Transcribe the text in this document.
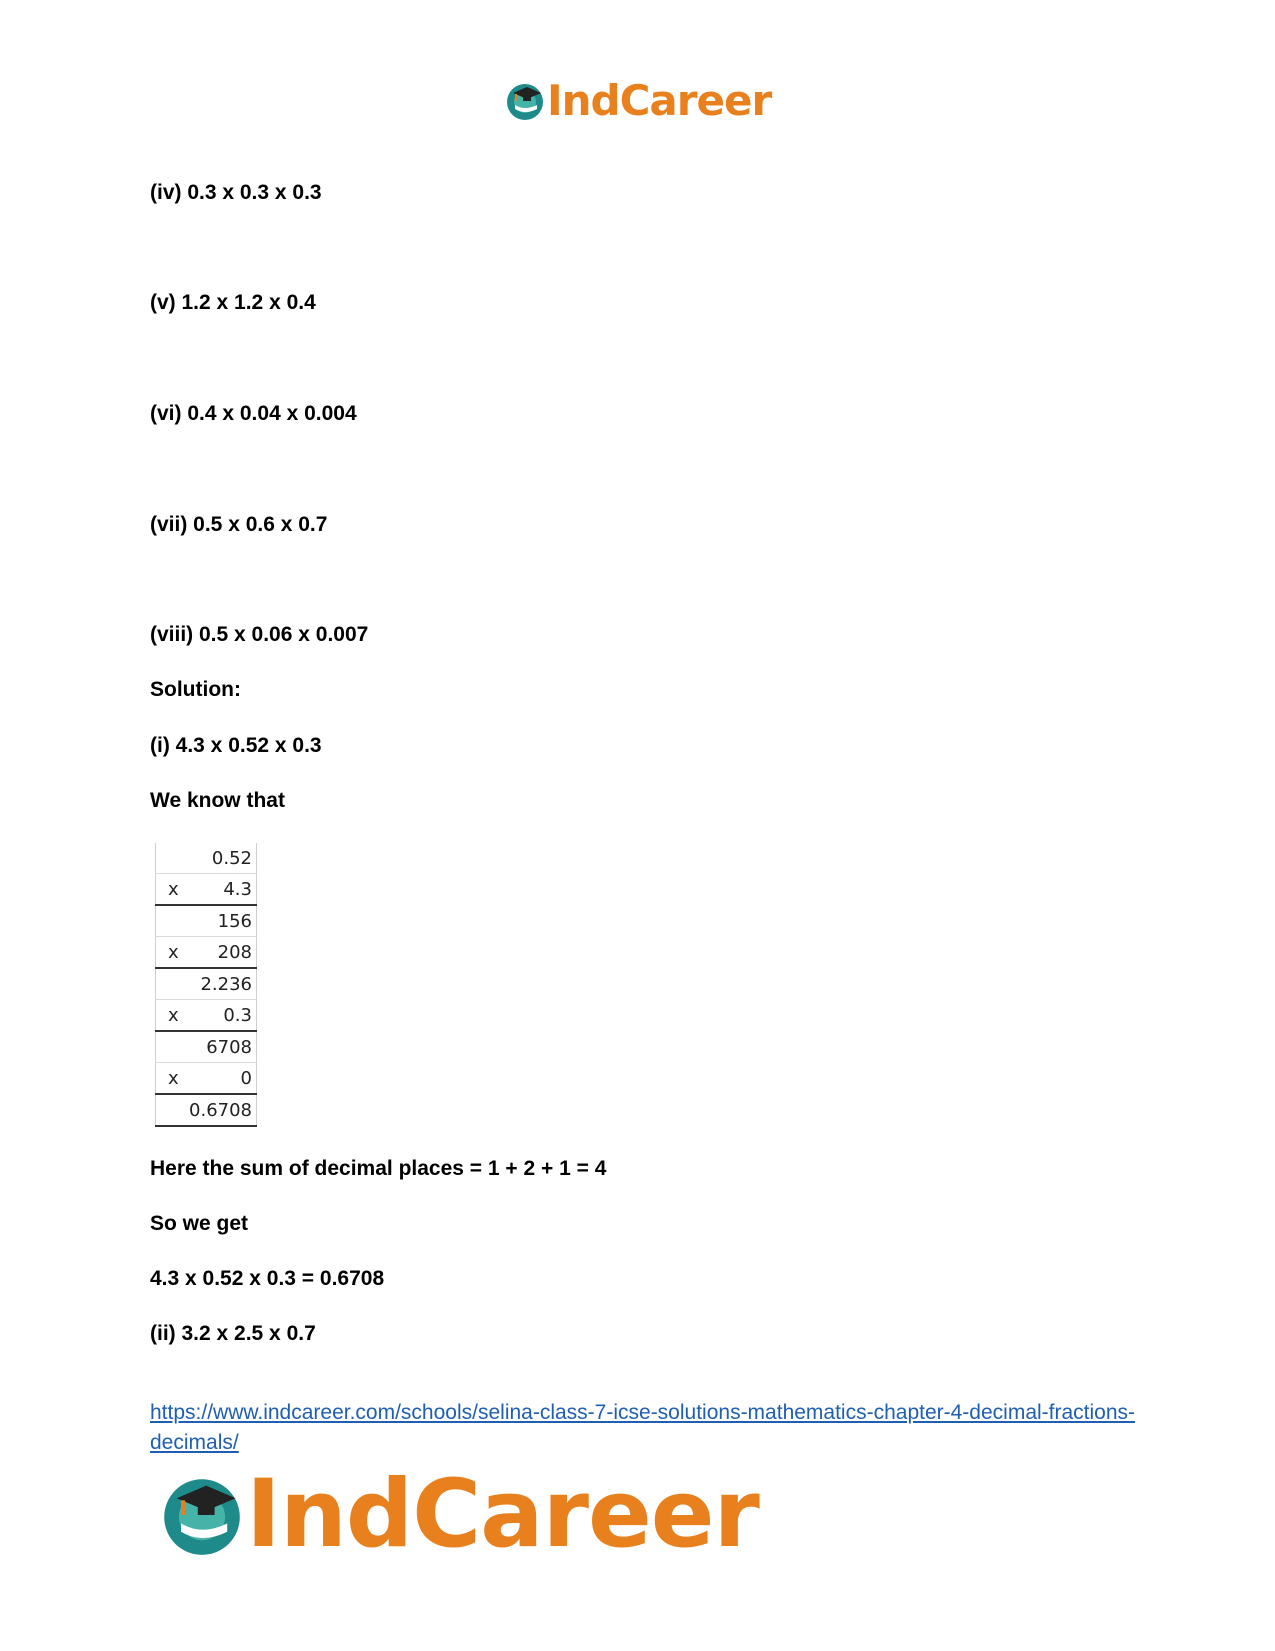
IndCareer

(iv) 0.3 x 0.3 x 0.3

(v) 1.2 x 1.2 x 0.4

(vi) 0.4 x 0.04 x 0.004

(vii) 0.5 x 0.6 x 0.7

(viii) 0.5 x 0.06 x 0.007

Solution:

(i) 4.3 x 0.52 x 0.3

We know that

	0.52
x	4.3
	156
x	208
	2.236
x	0.3
	6708
x	0
	0.6708

Here the sum of decimal places = 1 + 2 + 1 = 4

So we get

4.3 x 0.52 x 0.3 = 0.6708

(ii) 3.2 x 2.5 x 0.7

https://www.indcareer.com/schools/selina-class-7-icse-solutions-mathematics-chapter-4-decimal-fractions-decimals/
IndCareer
